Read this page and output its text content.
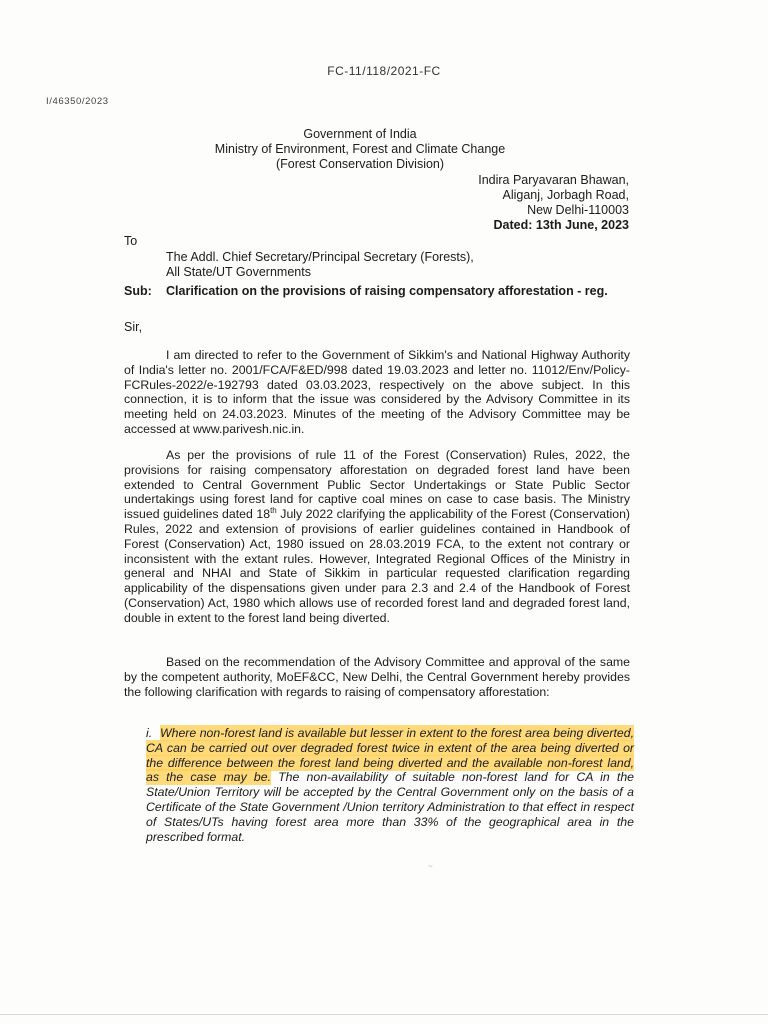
FC-11/118/2021-FC
I/46350/2023
Government of India
Ministry of Environment, Forest and Climate Change
(Forest Conservation Division)
Indira Paryavaran Bhawan,
Aliganj, Jorbagh Road,
New Delhi-110003
Dated: 13th June, 2023
To
The Addl. Chief Secretary/Principal Secretary (Forests),
All State/UT Governments
Sub: Clarification on the provisions of raising compensatory afforestation - reg.
Sir,
I am directed to refer to the Government of Sikkim's and National Highway Authority of India's letter no. 2001/FCA/F&ED/998 dated 19.03.2023 and letter no. 11012/Env/Policy-FCRules-2022/e-192793 dated 03.03.2023, respectively on the above subject. In this connection, it is to inform that the issue was considered by the Advisory Committee in its meeting held on 24.03.2023. Minutes of the meeting of the Advisory Committee may be accessed at www.parivesh.nic.in.
As per the provisions of rule 11 of the Forest (Conservation) Rules, 2022, the provisions for raising compensatory afforestation on degraded forest land have been extended to Central Government Public Sector Undertakings or State Public Sector undertakings using forest land for captive coal mines on case to case basis. The Ministry issued guidelines dated 18th July 2022 clarifying the applicability of the Forest (Conservation) Rules, 2022 and extension of provisions of earlier guidelines contained in Handbook of Forest (Conservation) Act, 1980 issued on 28.03.2019 FCA, to the extent not contrary or inconsistent with the extant rules. However, Integrated Regional Offices of the Ministry in general and NHAI and State of Sikkim in particular requested clarification regarding applicability of the dispensations given under para 2.3 and 2.4 of the Handbook of Forest (Conservation) Act, 1980 which allows use of recorded forest land and degraded forest land, double in extent to the forest land being diverted.
Based on the recommendation of the Advisory Committee and approval of the same by the competent authority, MoEF&CC, New Delhi, the Central Government hereby provides the following clarification with regards to raising of compensatory afforestation:
i. Where non-forest land is available but lesser in extent to the forest area being diverted, CA can be carried out over degraded forest twice in extent of the area being diverted or the difference between the forest land being diverted and the available non-forest land, as the case may be. The non-availability of suitable non-forest land for CA in the State/Union Territory will be accepted by the Central Government only on the basis of a Certificate of the State Government /Union territory Administration to that effect in respect of States/UTs having forest area more than 33% of the geographical area in the prescribed format.
~
